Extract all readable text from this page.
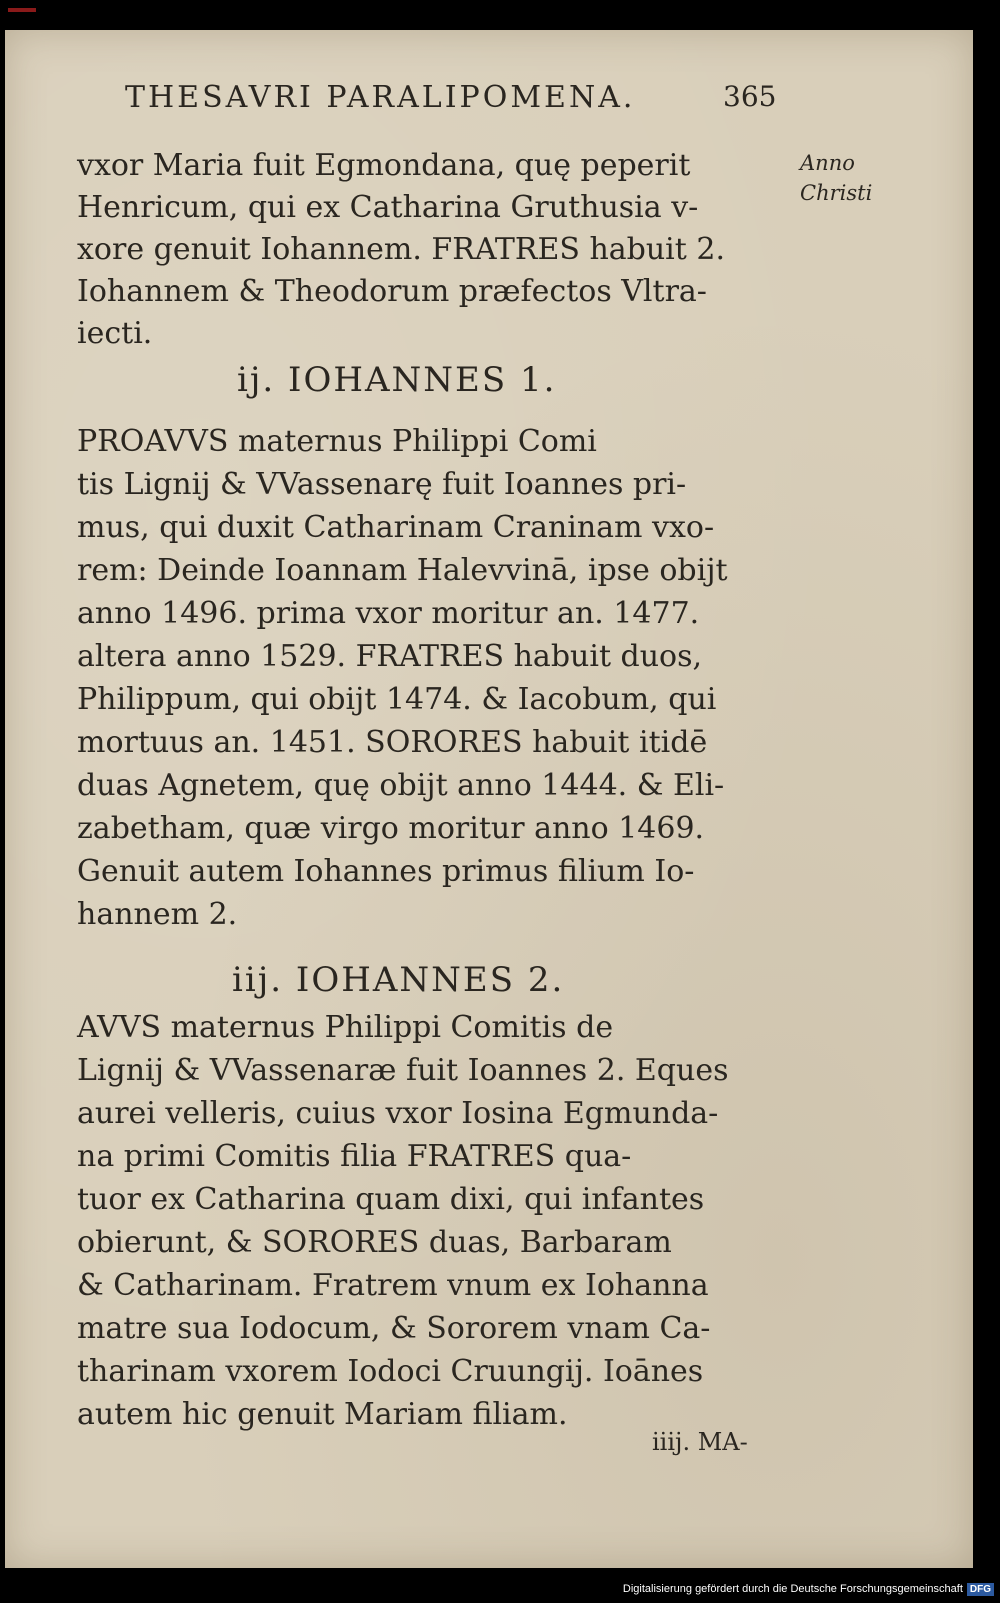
THESAVRI PARALIPOMENA.	365
Anno
Christi
vxor Maria fuit Egmondana, quę peperit
Henricum, qui ex Catharina Gruthusia v-
xore genuit Iohannem. FRATRES habuit 2.
Iohannem & Theodorum præfectos Vltra-
iecti.
ij. IOHANNES 1.
PROAVVS maternus Philippi Comi
tis Lignij & VVassenarę fuit Ioannes pri-
mus, qui duxit Catharinam Craninam vxo-
rem: Deinde Ioannam Halevvinā, ipse obijt
anno 1496. prima vxor moritur an. 1477.
altera anno 1529. FRATRES habuit duos,
Philippum, qui obijt 1474. & Iacobum, qui
mortuus an. 1451. SORORES habuit itidē
duas Agnetem, quę obijt anno 1444. & Eli-
zabetham, quæ virgo moritur anno 1469.
Genuit autem Iohannes primus filium Io-
hannem 2.
iij. IOHANNES 2.
AVVS maternus Philippi Comitis de
Lignij & VVassenaræ fuit Ioannes 2. Eques
aurei velleris, cuius vxor Iosina Egmunda-
na primi Comitis filia FRATRES qua-
tuor ex Catharina quam dixi, qui infantes
obierunt, & SORORES duas, Barbaram
& Catharinam. Fratrem vnum ex Iohanna
matre sua Iodocum, & Sororem vnam Ca-
tharinam vxorem Iodoci Cruungij. Ioānes
autem hic genuit Mariam filiam.
iiij. MA-
Digitalisierung gefördert durch die Deutsche Forschungsgemeinschaft DFG
